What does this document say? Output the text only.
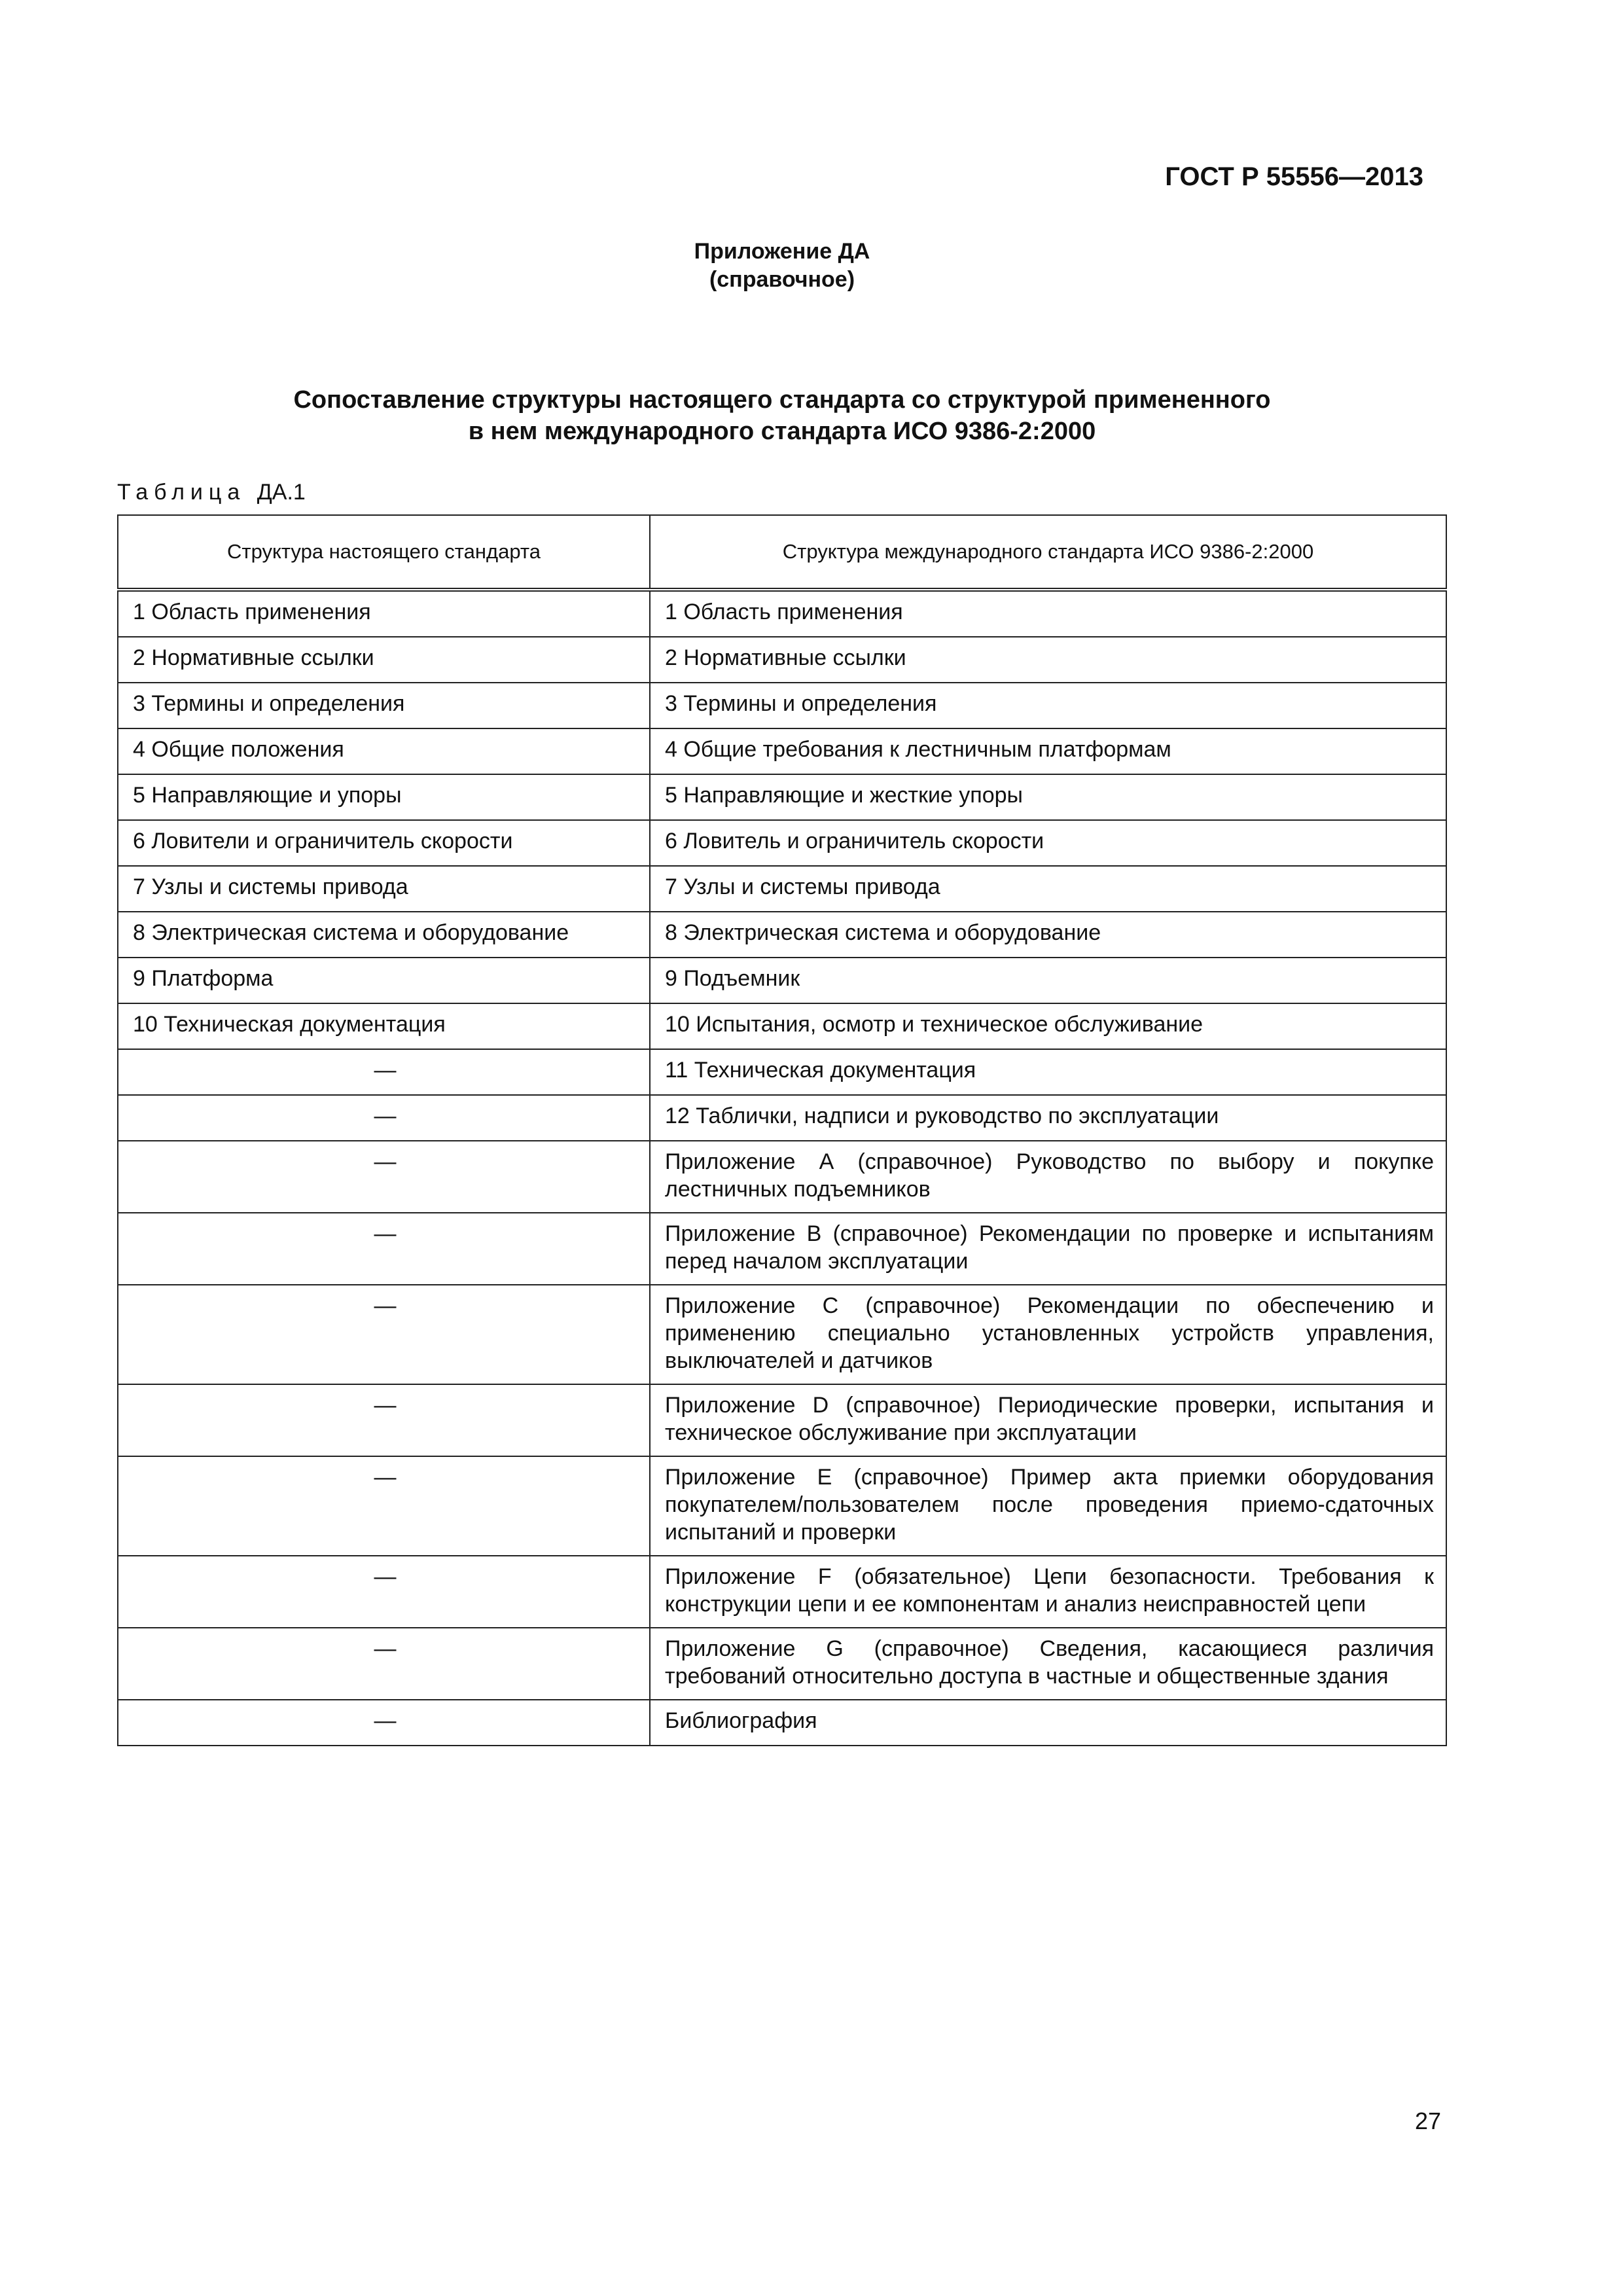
ГОСТ Р 55556—2013
Приложение ДА
(справочное)
Сопоставление структуры настоящего стандарта со структурой примененного
в нем международного стандарта ИСО 9386-2:2000
Таблица ДА.1
Структура настоящего стандарта	Структура международного стандарта ИСО 9386-2:2000
1 Область применения	1 Область применения
2 Нормативные ссылки	2 Нормативные ссылки
3 Термины и определения	3 Термины и определения
4 Общие положения	4 Общие требования к лестничным платформам
5 Направляющие и упоры	5 Направляющие и жесткие упоры
6 Ловители и ограничитель скорости	6 Ловитель и ограничитель скорости
7 Узлы и системы привода	7 Узлы и системы привода
8 Электрическая система и оборудование	8 Электрическая система и оборудование
9 Платформа	9 Подъемник
10 Техническая документация	10 Испытания, осмотр и техническое обслуживание
—	11 Техническая документация
—	12 Таблички, надписи и руководство по эксплуатации
—	Приложение А (справочное) Руководство по выбору и покупке лестничных подъемников
—	Приложение В (справочное) Рекомендации по проверке и испытаниям перед началом эксплуатации
—	Приложение С (справочное) Рекомендации по обеспечению и применению специально установленных устройств управления, выключателей и датчиков
—	Приложение D (справочное) Периодические проверки, испытания и техническое обслуживание при эксплуатации
—	Приложение Е (справочное) Пример акта приемки оборудования покупателем/пользователем после проведения приемо-сдаточных испытаний и проверки
—	Приложение F (обязательное) Цепи безопасности. Требования к конструкции цепи и ее компонентам и анализ неисправностей цепи
—	Приложение G (справочное) Сведения, касающиеся различия требований относительно доступа в частные и общественные здания
—	Библиография
27
